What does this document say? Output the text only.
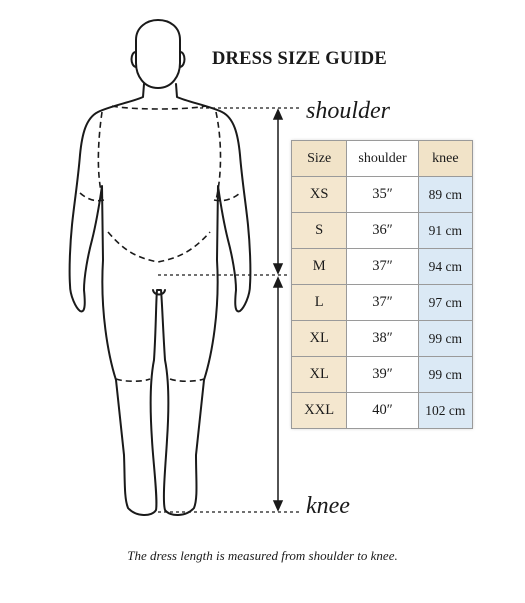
DRESS SIZE GUIDE
shoulder
knee
Size	shoulder	knee
XS	35″	89 cm
S	36″	91 cm
M	37″	94 cm
L	37″	97 cm
XL	38″	99 cm
XL	39″	99 cm
XXL	40″	102 cm
The dress length is measured from shoulder to knee.
